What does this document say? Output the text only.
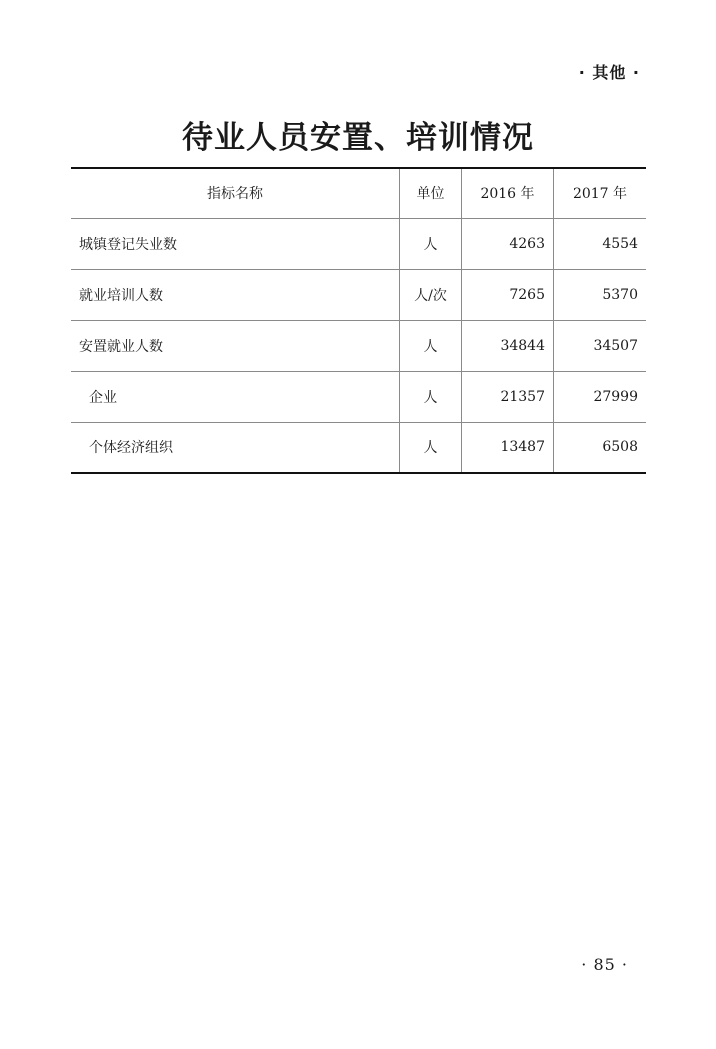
· 其他 ·
待业人员安置、培训情况
指标名称	单位	2016 年	2017 年
城镇登记失业数	人	4263	4554
就业培训人数	人/次	7265	5370
安置就业人数	人	34844	34507
企业	人	21357	27999
个体经济组织	人	13487	6508
· 85 ·
